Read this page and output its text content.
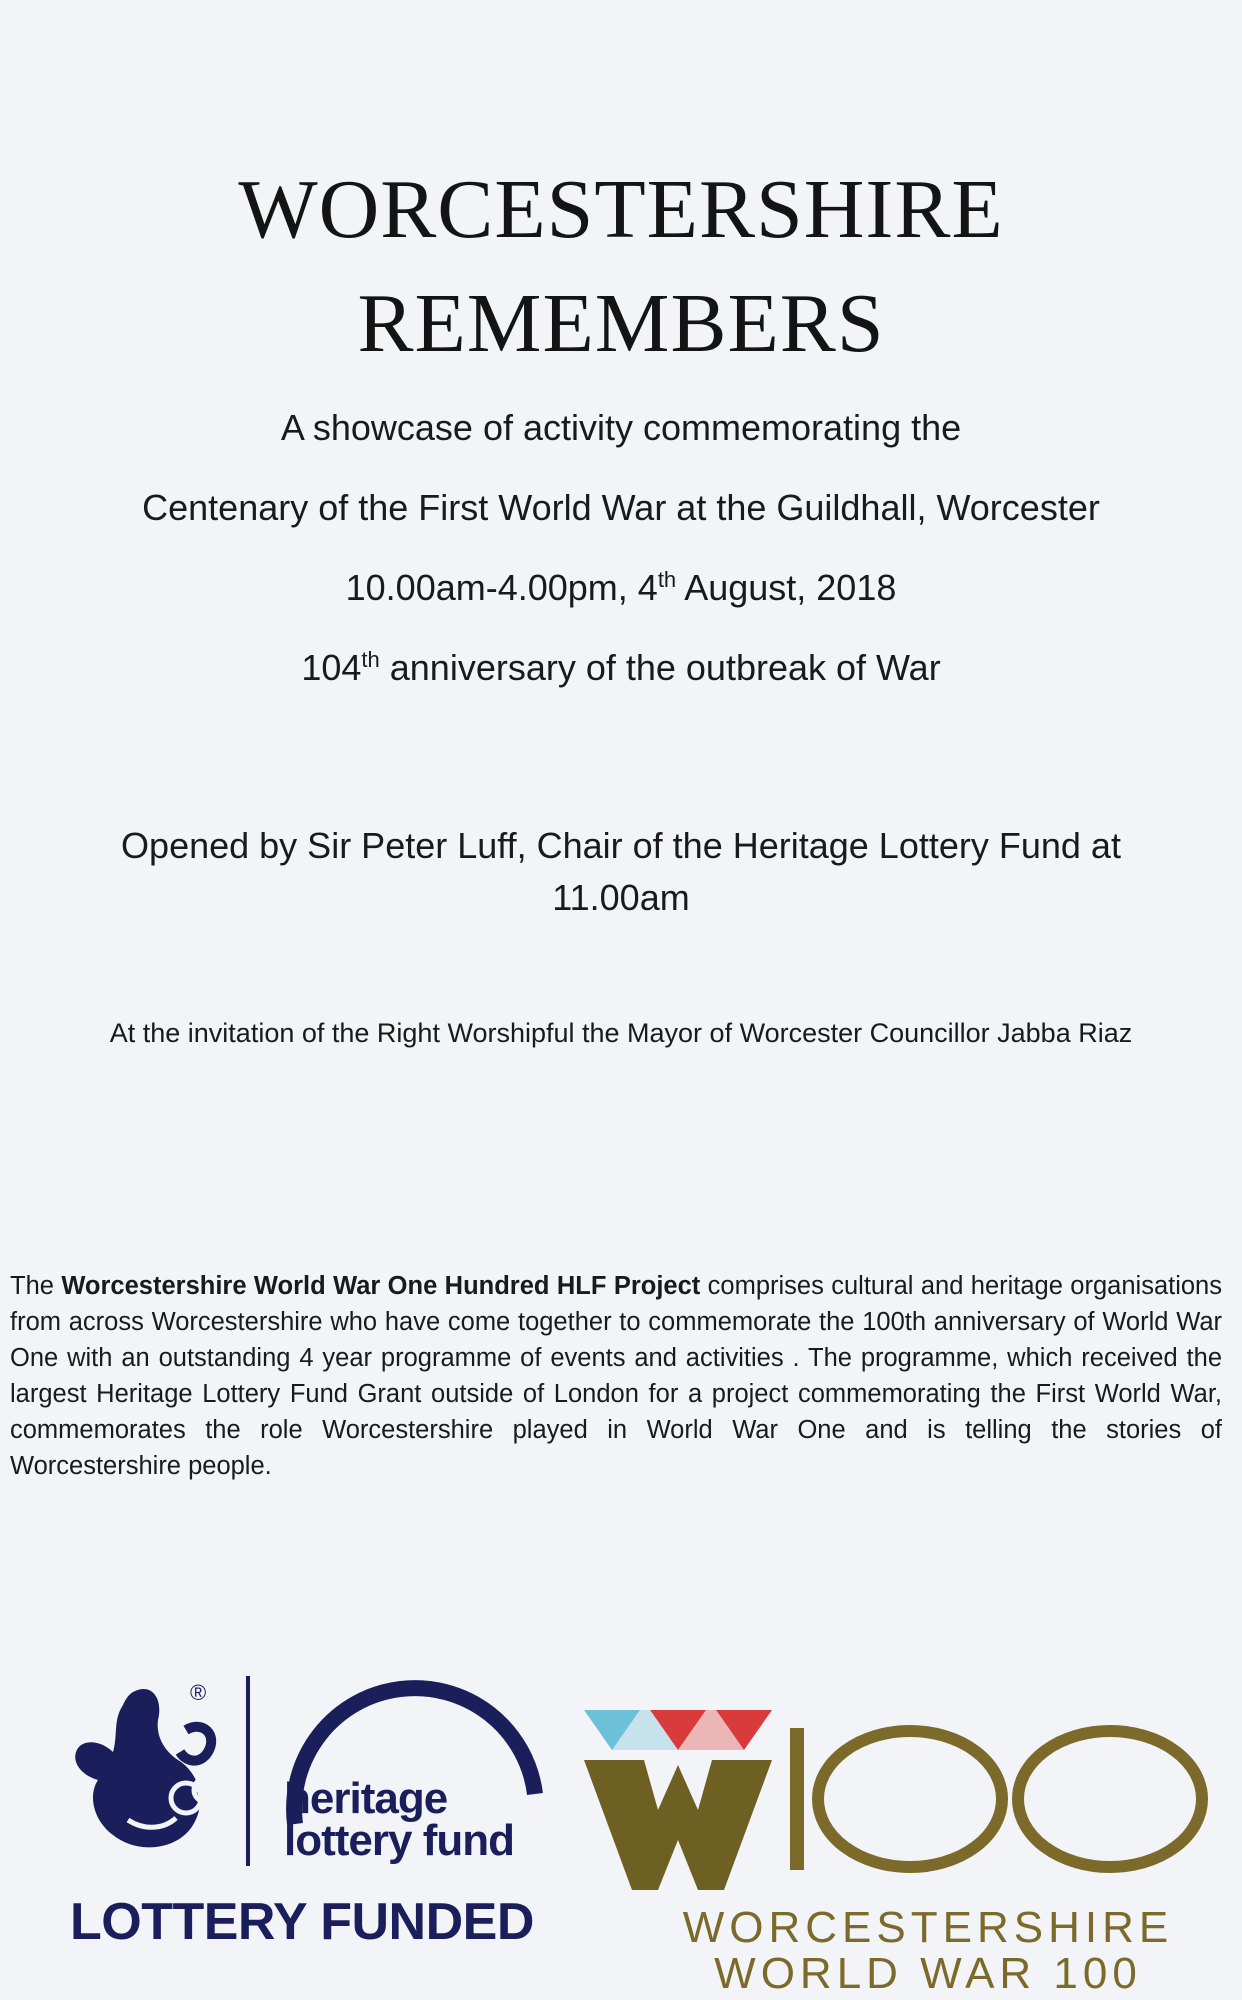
WORCESTERSHIRE
REMEMBERS
A showcase of activity commemorating the
Centenary of the First World War at the Guildhall, Worcester
10.00am-4.00pm, 4th August, 2018
104th anniversary of the outbreak of War
Opened by Sir Peter Luff, Chair of the Heritage Lottery Fund at
11.00am
At the invitation of the Right Worshipful the Mayor of Worcester Councillor Jabba Riaz
The Worcestershire World War One Hundred HLF Project comprises cultural and heritage organisations from across Worcestershire who have come together to commemorate the 100th anniversary of World War One with an outstanding 4 year programme of events and activities . The programme, which received the largest Heritage Lottery Fund Grant outside of London for a project commemorating the First World War, commemorates the role Worcestershire played in World War One and is telling the stories of Worcestershire people.
®
heritage
lottery fund
LOTTERY FUNDED	WORCESTERSHIRE
WORLD WAR 100
